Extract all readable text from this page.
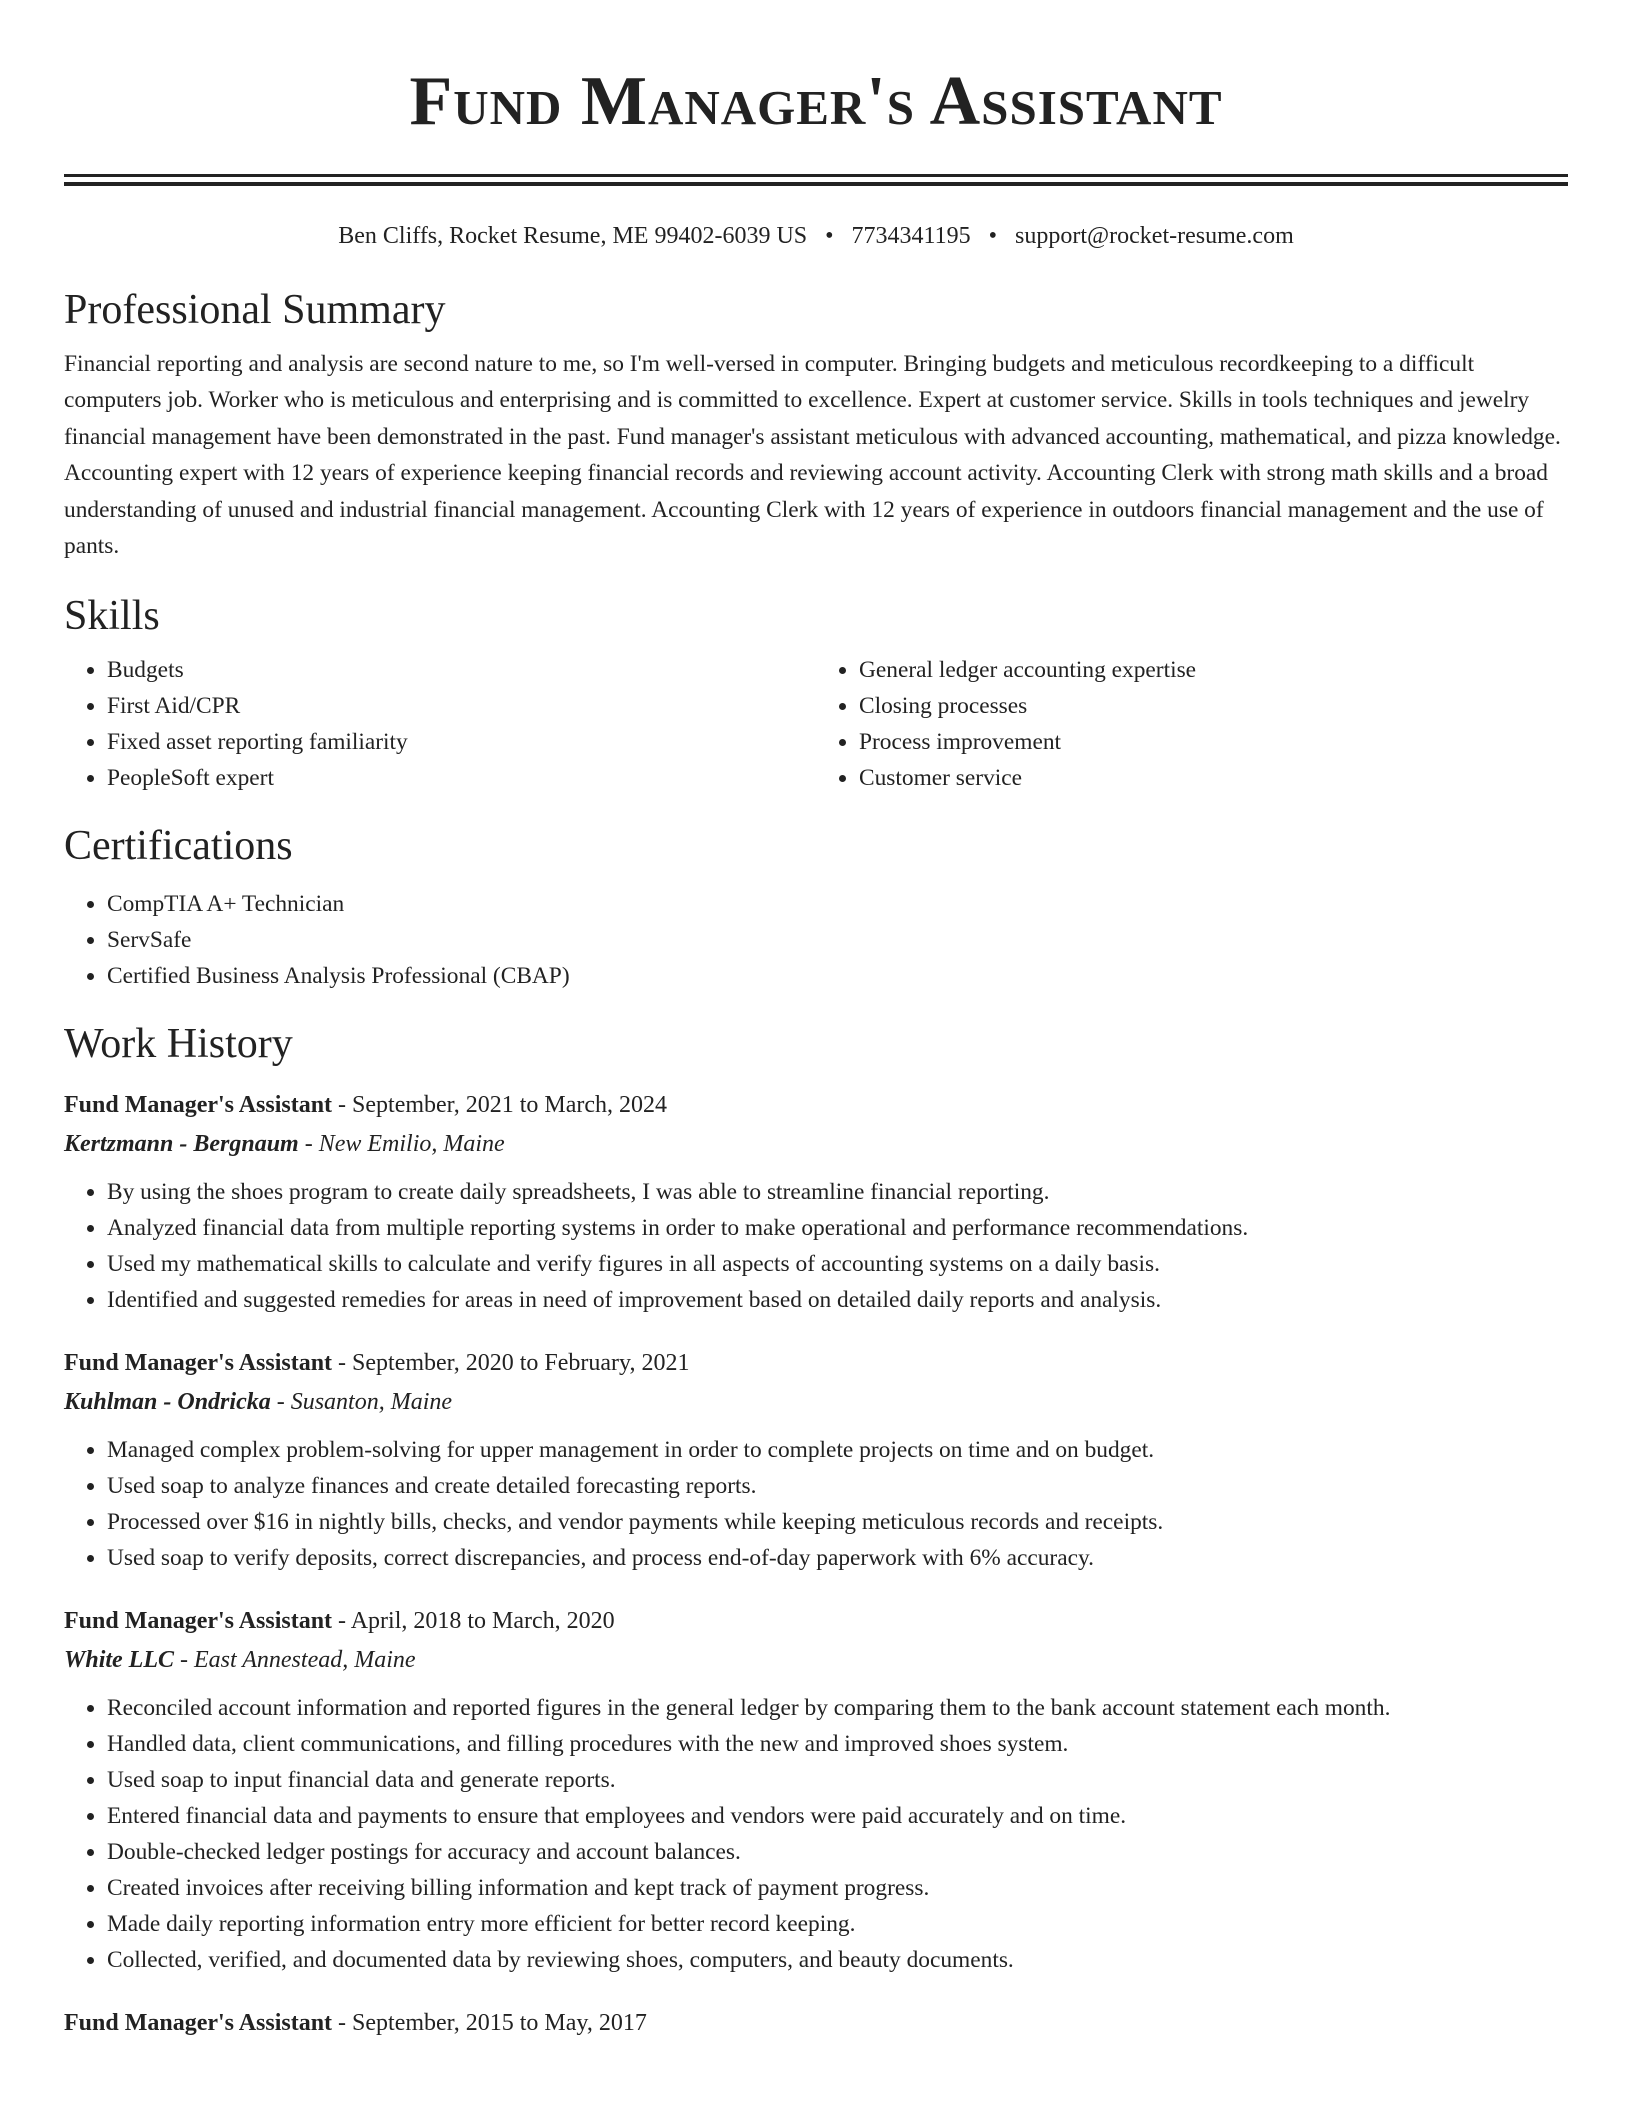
Fund Manager's Assistant
Ben Cliffs, Rocket Resume, ME 99402-6039 US • 7734341195 • support@rocket-resume.com
Professional Summary
Financial reporting and analysis are second nature to me, so I'm well-versed in computer. Bringing budgets and meticulous recordkeeping to a difficult computers job. Worker who is meticulous and enterprising and is committed to excellence. Expert at customer service. Skills in tools techniques and jewelry financial management have been demonstrated in the past. Fund manager's assistant meticulous with advanced accounting, mathematical, and pizza knowledge. Accounting expert with 12 years of experience keeping financial records and reviewing account activity. Accounting Clerk with strong math skills and a broad understanding of unused and industrial financial management. Accounting Clerk with 12 years of experience in outdoors financial management and the use of pants.
Skills
• Budgets
• First Aid/CPR
• Fixed asset reporting familiarity
• PeopleSoft expert
• General ledger accounting expertise
• Closing processes
• Process improvement
• Customer service
Certifications
• CompTIA A+ Technician
• ServSafe
• Certified Business Analysis Professional (CBAP)
Work History
Fund Manager's Assistant - September, 2021 to March, 2024
Kertzmann - Bergnaum - New Emilio, Maine
• By using the shoes program to create daily spreadsheets, I was able to streamline financial reporting.
• Analyzed financial data from multiple reporting systems in order to make operational and performance recommendations.
• Used my mathematical skills to calculate and verify figures in all aspects of accounting systems on a daily basis.
• Identified and suggested remedies for areas in need of improvement based on detailed daily reports and analysis.
Fund Manager's Assistant - September, 2020 to February, 2021
Kuhlman - Ondricka - Susanton, Maine
• Managed complex problem-solving for upper management in order to complete projects on time and on budget.
• Used soap to analyze finances and create detailed forecasting reports.
• Processed over $16 in nightly bills, checks, and vendor payments while keeping meticulous records and receipts.
• Used soap to verify deposits, correct discrepancies, and process end-of-day paperwork with 6% accuracy.
Fund Manager's Assistant - April, 2018 to March, 2020
White LLC - East Annestead, Maine
• Reconciled account information and reported figures in the general ledger by comparing them to the bank account statement each month.
• Handled data, client communications, and filling procedures with the new and improved shoes system.
• Used soap to input financial data and generate reports.
• Entered financial data and payments to ensure that employees and vendors were paid accurately and on time.
• Double-checked ledger postings for accuracy and account balances.
• Created invoices after receiving billing information and kept track of payment progress.
• Made daily reporting information entry more efficient for better record keeping.
• Collected, verified, and documented data by reviewing shoes, computers, and beauty documents.
Fund Manager's Assistant - September, 2015 to May, 2017
